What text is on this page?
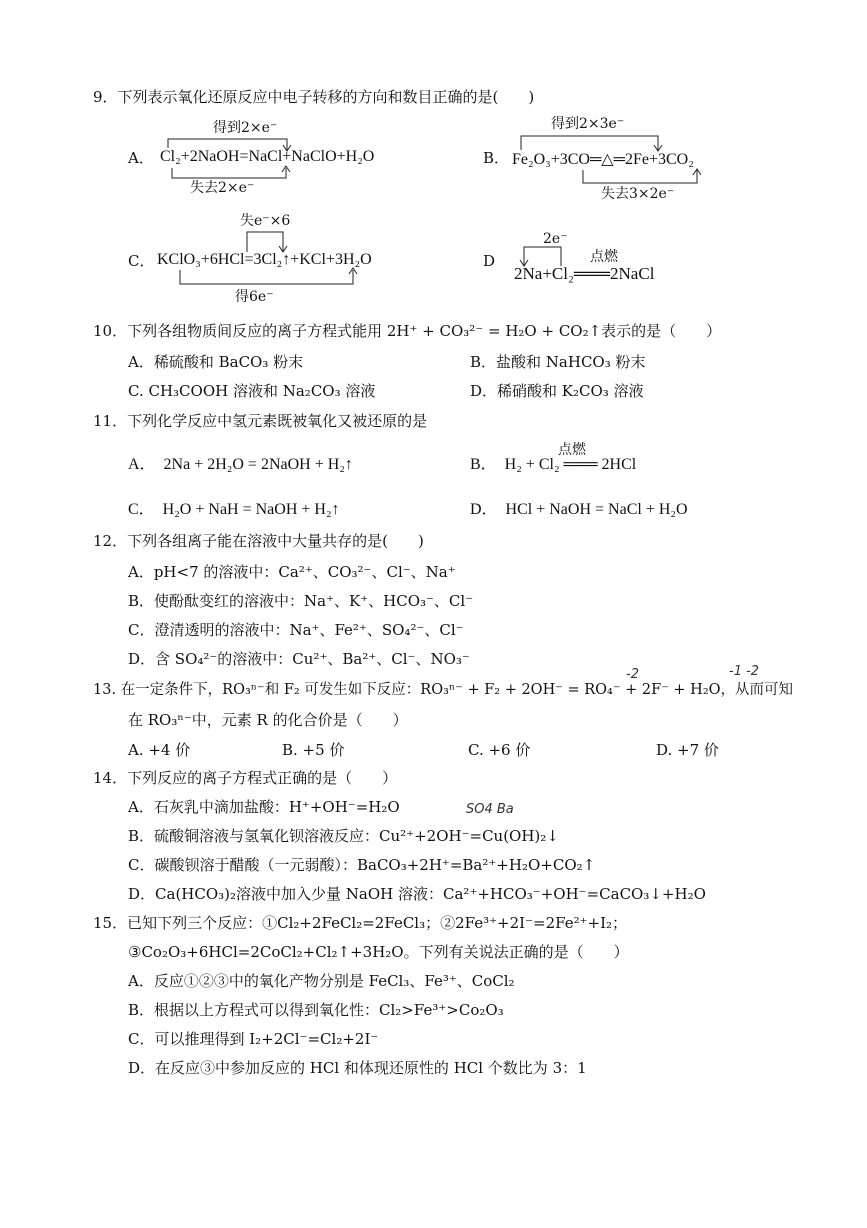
9．下列表示氧化还原反应中电子转移的方向和数目正确的是(　　)
得到2×e⁻
A． Cl₂+2NaOH=NaCl+NaClO+H₂O
失去2×e⁻
得到2×3e⁻
B． Fe₂O₃+3CO═△═2Fe+3CO₂
失去3×2e⁻
失e⁻×6
C． KClO₃+6HCl=3Cl₂↑+KCl+3H₂O
得6e⁻
2e⁻
D	点燃
2Na+Cl₂═══2NaCl
10．下列各组物质间反应的离子方程式能用 2H⁺ + CO₃²⁻ = H₂O + CO₂↑表示的是（　　）
A．稀硫酸和 BaCO₃ 粉末	B．盐酸和 NaHCO₃ 粉末
C. CH₃COOH 溶液和 Na₂CO₃ 溶液	D．稀硝酸和 K₂CO₃ 溶液
11．下列化学反应中氢元素既被氧化又被还原的是
A．　2Na + 2H₂O = 2NaOH + H₂↑
点燃
B．　H₂ + Cl₂ ═══ 2HCl
C．　H₂O + NaH = NaOH + H₂↑	D．　HCl + NaOH = NaCl + H₂O
12．下列各组离子能在溶液中大量共存的是(　　)
A．pH<7 的溶液中：Ca²⁺、CO₃²⁻、Cl⁻、Na⁺
B．使酚酞变红的溶液中：Na⁺、K⁺、HCO₃⁻、Cl⁻
C．澄清透明的溶液中：Na⁺、Fe²⁺、SO₄²⁻、Cl⁻
D．含 SO₄²⁻的溶液中：Cu²⁺、Ba²⁺、Cl⁻、NO₃⁻
-2	-1 -2
13. 在一定条件下，RO₃ⁿ⁻和 F₂ 可发生如下反应：RO₃ⁿ⁻ + F₂ + 2OH⁻ = RO₄⁻ + 2F⁻ + H₂O，从而可知
在 RO₃ⁿ⁻中，元素 R 的化合价是（　　）
A. +4 价	B. +5 价	C. +6 价	D. +7 价
14．下列反应的离子方程式正确的是（　　）
SO4 Ba
A．石灰乳中滴加盐酸：H⁺+OH⁻=H₂O
B．硫酸铜溶液与氢氧化钡溶液反应：Cu²⁺+2OH⁻=Cu(OH)₂↓
C．碳酸钡溶于醋酸（一元弱酸）：BaCO₃+2H⁺=Ba²⁺+H₂O+CO₂↑
D．Ca(HCO₃)₂溶液中加入少量 NaOH 溶液：Ca²⁺+HCO₃⁻+OH⁻=CaCO₃↓+H₂O
15．已知下列三个反应：①Cl₂+2FeCl₂=2FeCl₃；②2Fe³⁺+2I⁻=2Fe²⁺+I₂；
③Co₂O₃+6HCl=2CoCl₂+Cl₂↑+3H₂O。下列有关说法正确的是（　　）
A．反应①②③中的氧化产物分别是 FeCl₃、Fe³⁺、CoCl₂
B．根据以上方程式可以得到氧化性：Cl₂>Fe³⁺>Co₂O₃
C．可以推理得到 I₂+2Cl⁻=Cl₂+2I⁻
D．在反应③中参加反应的 HCl 和体现还原性的 HCl 个数比为 3：1
